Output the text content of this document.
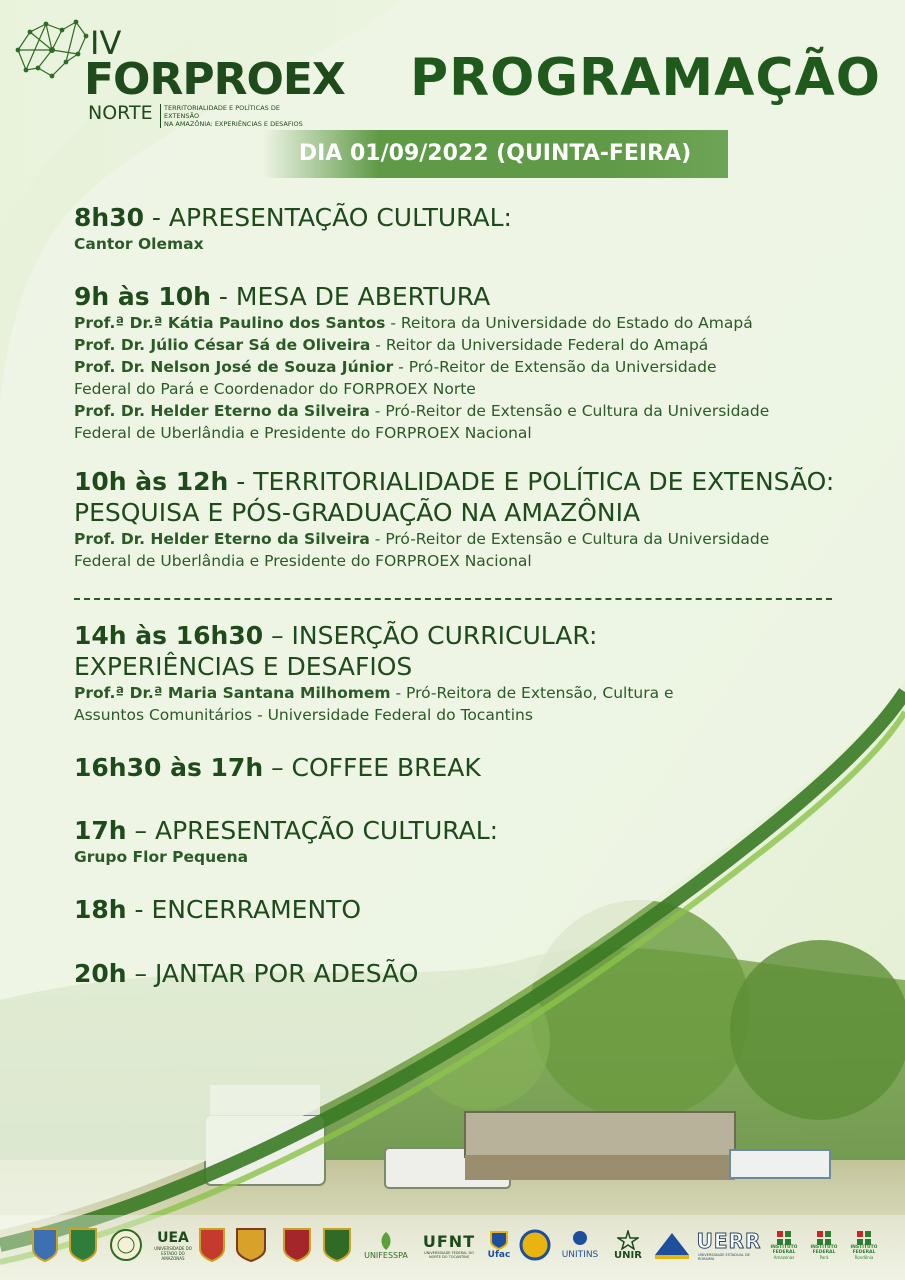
IV
FORPROEX
NORTE TERRITORIALIDADE E POLÍTICAS DE EXTENSÃO
NA AMAZÔNIA: EXPERIÊNCIAS E DESAFIOS
PROGRAMAÇÃO
DIA 01/09/2022 (QUINTA-FEIRA)
8h30 - APRESENTAÇÃO CULTURAL:
Cantor Olemax
9h às 10h - MESA DE ABERTURA
Prof.ª Dr.ª Kátia Paulino dos Santos - Reitora da Universidade do Estado do Amapá
Prof. Dr. Júlio César Sá de Oliveira - Reitor da Universidade Federal do Amapá
Prof. Dr. Nelson José de Souza Júnior - Pró-Reitor de Extensão da Universidade
Federal do Pará e Coordenador do FORPROEX Norte
Prof. Dr. Helder Eterno da Silveira - Pró-Reitor de Extensão e Cultura da Universidade
Federal de Uberlândia e Presidente do FORPROEX Nacional
10h às 12h - TERRITORIALIDADE E POLÍTICA DE EXTENSÃO:
PESQUISA E PÓS-GRADUAÇÃO NA AMAZÔNIA
Prof. Dr. Helder Eterno da Silveira - Pró-Reitor de Extensão e Cultura da Universidade
Federal de Uberlândia e Presidente do FORPROEX Nacional
14h às 16h30 – INSERÇÃO CURRICULAR:
EXPERIÊNCIAS E DESAFIOS
Prof.ª Dr.ª Maria Santana Milhomem - Pró-Reitora de Extensão, Cultura e
Assuntos Comunitários - Universidade Federal do Tocantins
16h30 às 17h – COFFEE BREAK
17h – APRESENTAÇÃO CULTURAL:
Grupo Flor Pequena
18h - ENCERRAMENTO
20h – JANTAR POR ADESÃO
UEA
UNIVERSIDADE DO ESTADO DO AMAZONAS	UNIFESSPA
UFNT
UNIVERSIDADE FEDERAL DO NORTE DO TOCANTINS	Ufac	UNITINS UNIR
UERR
UNIVERSIDADE ESTADUAL DE RORAIMA
INSTITUTO FEDERAL
Amazonas
INSTITUTO FEDERAL
Pará
INSTITUTO FEDERAL
Rondônia
